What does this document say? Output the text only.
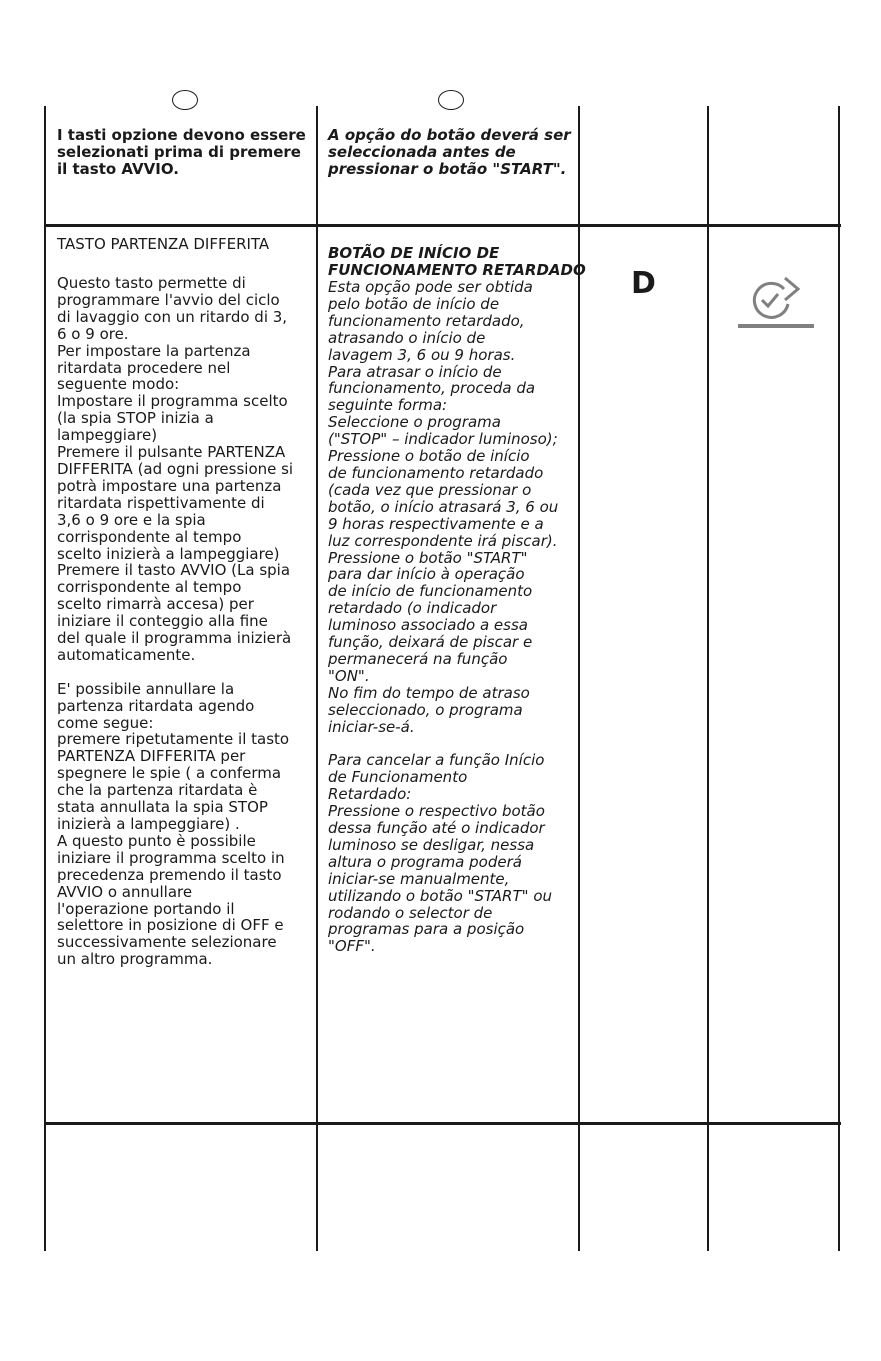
I tasti opzione devono essere
selezionati prima di premere
il tasto AVVIO.

A opção do botão deverá ser
seleccionada antes de
pressionar o botão "START".

TASTO PARTENZA DIFFERITA

Questo tasto permette di
programmare l'avvio del ciclo
di lavaggio con un ritardo di 3,
6 o 9 ore.
Per impostare la partenza
ritardata procedere nel
seguente modo:
Impostare il programma scelto
(la spia STOP inizia a
lampeggiare)
Premere il pulsante PARTENZA
DIFFERITA (ad ogni pressione si
potrà impostare una partenza
ritardata rispettivamente di
3,6 o 9 ore e la spia
corrispondente al tempo
scelto inizierà a lampeggiare)
Premere il tasto AVVIO (La spia
corrispondente al tempo
scelto rimarrà accesa) per
iniziare il conteggio alla fine
del quale il programma inizierà
automaticamente.

E' possibile annullare la
partenza ritardata agendo
come segue:
premere ripetutamente il tasto
PARTENZA DIFFERITA per
spegnere le spie ( a conferma
che la partenza ritardata è
stata annullata la spia STOP
inizierà a lampeggiare) .
A questo punto è possibile
iniziare il programma scelto in
precedenza premendo il tasto
AVVIO o annullare
l'operazione portando il
selettore in posizione di OFF e
successivamente selezionare
un altro programma.

BOTÃO DE INÍCIO DE
FUNCIONAMENTO RETARDADO

Esta opção pode ser obtida
pelo botão de início de
funcionamento retardado,
atrasando o início de
lavagem 3, 6 ou 9 horas.
Para atrasar o início de
funcionamento, proceda da
seguinte forma:
Seleccione o programa
("STOP" – indicador luminoso);
Pressione o botão de início
de funcionamento retardado
(cada vez que pressionar o
botão, o início atrasará 3, 6 ou
9 horas respectivamente e a
luz correspondente irá piscar).
Pressione o botão "START"
para dar início à operação
de início de funcionamento
retardado (o indicador
luminoso associado a essa
função, deixará de piscar e
permanecerá na função
"ON".
No fim do tempo de atraso
seleccionado, o programa
iniciar-se-á.

Para cancelar a função Início
de Funcionamento
Retardado:
Pressione o respectivo botão
dessa função até o indicador
luminoso se desligar, nessa
altura o programa poderá
iniciar-se manualmente,
utilizando o botão "START" ou
rodando o selector de
programas para a posição
"OFF".

D
